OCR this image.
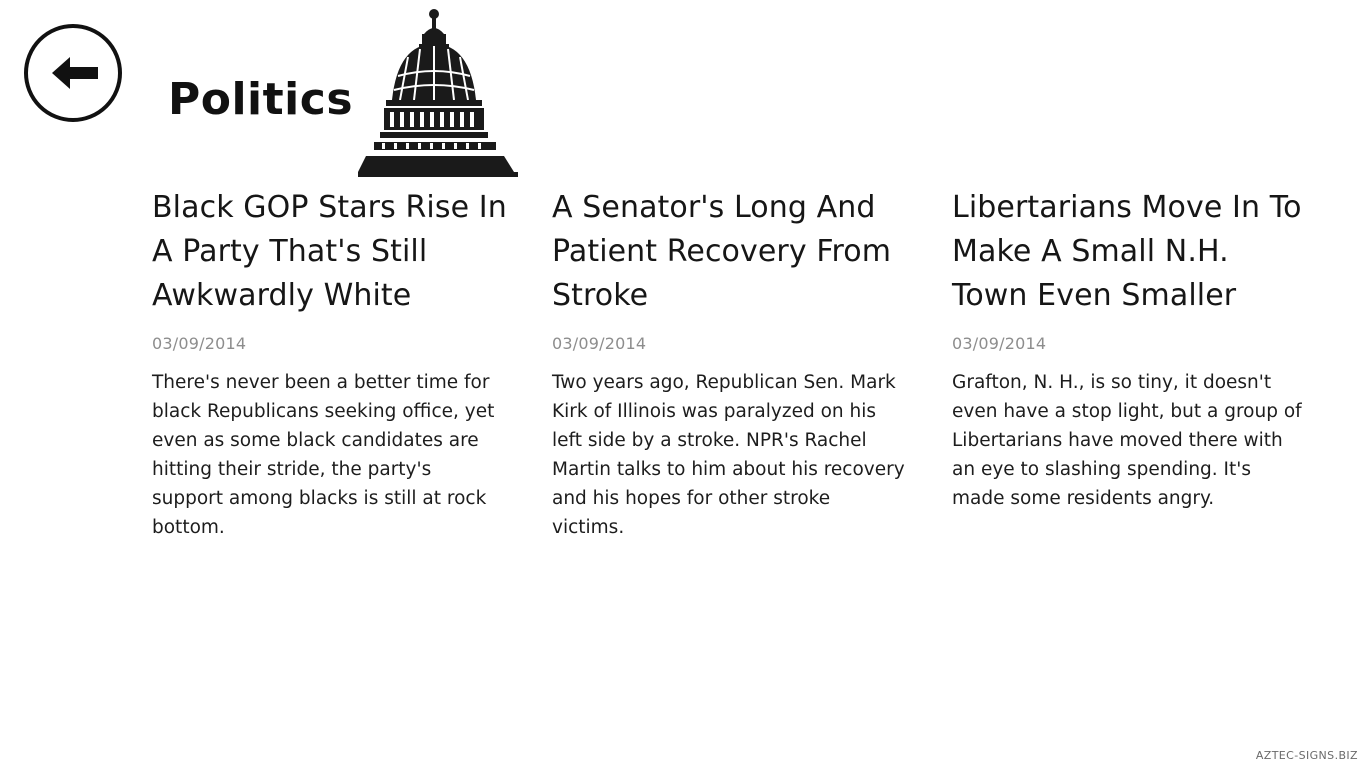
Politics
Black GOP Stars Rise In A Party That's Still Awkwardly White
03/09/2014
There's never been a better time for black Republicans seeking office, yet even as some black candidates are hitting their stride, the party's support among blacks is still at rock bottom.
A Senator's Long And Patient Recovery From Stroke
03/09/2014
Two years ago, Republican Sen. Mark Kirk of Illinois was paralyzed on his left side by a stroke. NPR's Rachel Martin talks to him about his recovery and his hopes for other stroke victims.
Libertarians Move In To Make A Small N.H. Town Even Smaller
03/09/2014
Grafton, N. H., is so tiny, it doesn't even have a stop light, but a group of Libertarians have moved there with an eye to slashing spending. It's made some residents angry.
AZTEC-SIGNS.BIZ
